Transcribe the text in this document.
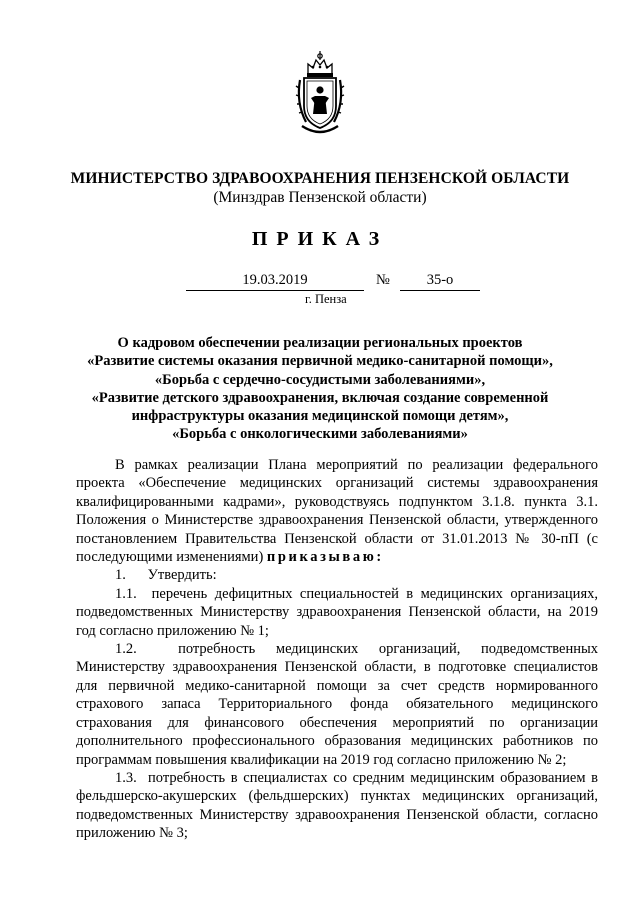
МИНИСТЕРСТВО ЗДРАВООХРАНЕНИЯ ПЕНЗЕНСКОЙ ОБЛАСТИ
(Минздрав Пензенской области)
ПРИКАЗ
19.03.2019	№	35-о
г. Пенза
О кадровом обеспечении реализации региональных проектов
«Развитие системы оказания первичной медико-санитарной помощи»,
«Борьба с сердечно-сосудистыми заболеваниями»,
«Развитие детского здравоохранения, включая создание современной
инфраструктуры оказания медицинской помощи детям»,
«Борьба с онкологическими заболеваниями»

В рамках реализации Плана мероприятий по реализации федерального проекта «Обеспечение медицинских организаций системы здравоохранения квалифицированными кадрами», руководствуясь подпунктом 3.1.8. пункта 3.1. Положения о Министерстве здравоохранения Пензенской области, утвержденного постановлением Правительства Пензенской области от 31.01.2013 № 30-пП (с последующими изменениями) приказываю:

1.      Утвердить:

1.1.  перечень дефицитных специальностей в медицинских организациях, подведомственных Министерству здравоохранения Пензенской области, на 2019 год согласно приложению № 1;

1.2.  потребность медицинских организаций, подведомственных Министерству здравоохранения Пензенской области, в подготовке специалистов для первичной медико-санитарной помощи за счет средств нормированного страхового запаса Территориального фонда обязательного медицинского страхования для финансового обеспечения мероприятий по организации дополнительного профессионального образования медицинских работников по программам повышения квалификации на 2019 год согласно приложению № 2;

1.3.  потребность в специалистах со средним медицинским образованием в фельдшерско-акушерских (фельдшерских) пунктах медицинских организаций, подведомственных Министерству здравоохранения Пензенской области, согласно приложению № 3;
